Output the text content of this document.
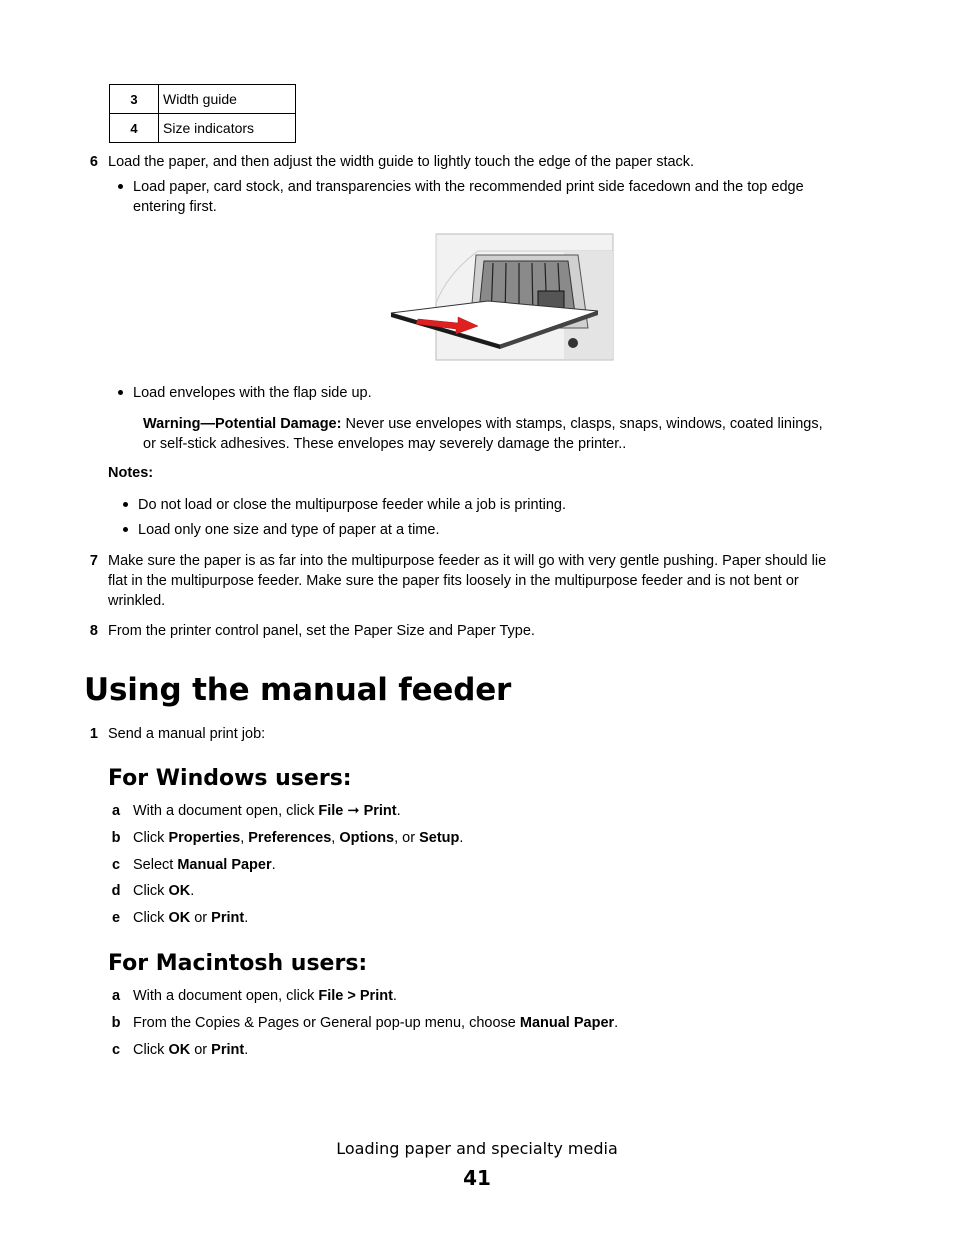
3	Width guide
4	Size indicators
6 Load the paper, and then adjust the width guide to lightly touch the edge of the paper stack.
Load paper, card stock, and transparencies with the recommended print side facedown and the top edge
entering first.
Load envelopes with the flap side up.
Warning—Potential Damage: Never use envelopes with stamps, clasps, snaps, windows, coated linings,
or self-stick adhesives. These envelopes may severely damage the printer..
Notes:
Do not load or close the multipurpose feeder while a job is printing.
Load only one size and type of paper at a time.
7 Make sure the paper is as far into the multipurpose feeder as it will go with very gentle pushing. Paper should lie
flat in the multipurpose feeder. Make sure the paper fits loosely in the multipurpose feeder and is not bent or
wrinkled.
8 From the printer control panel, set the Paper Size and Paper Type.
Using the manual feeder
1 Send a manual print job:
For Windows users:
a With a document open, click File ➞ Print.
b Click Properties, Preferences, Options, or Setup.
c Select Manual Paper.
d Click OK.
e Click OK or Print.
For Macintosh users:
a With a document open, click File > Print.
b From the Copies & Pages or General pop-up menu, choose Manual Paper.
c Click OK or Print.
Loading paper and specialty media
41
